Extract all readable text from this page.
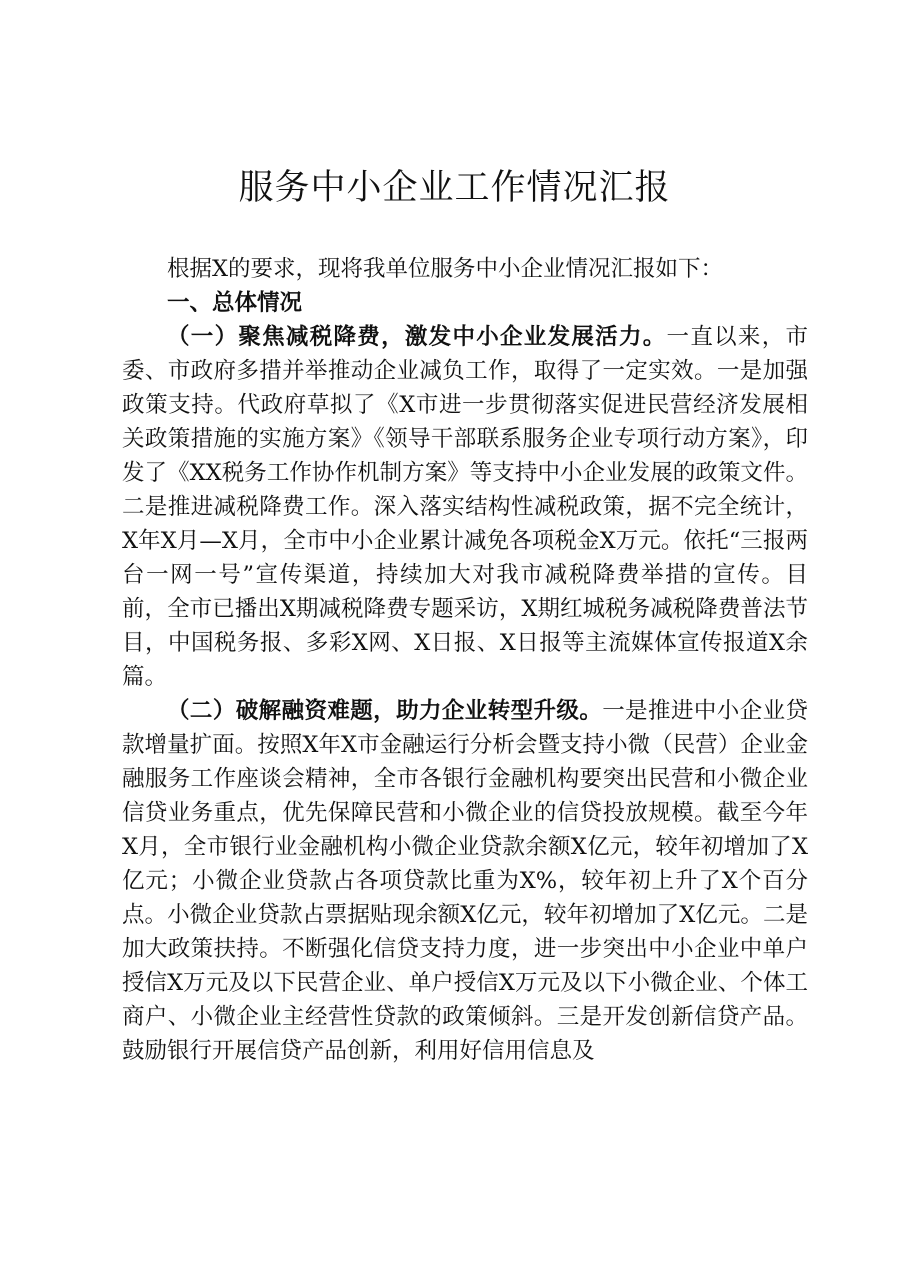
服务中小企业工作情况汇报

根据X的要求，现将我单位服务中小企业情况汇报如下：

一、总体情况

（一）聚焦减税降费，激发中小企业发展活力。一直以来，市委、市政府多措并举推动企业减负工作，取得了一定实效。一是加强政策支持。代政府草拟了《X市进一步贯彻落实促进民营经济发展相关政策措施的实施方案》《领导干部联系服务企业专项行动方案》，印发了《XX税务工作协作机制方案》等支持中小企业发展的政策文件。二是推进减税降费工作。深入落实结构性减税政策，据不完全统计，X年X月—X月，全市中小企业累计减免各项税金X万元。依托“三报两台一网一号”宣传渠道，持续加大对我市减税降费举措的宣传。目前，全市已播出X期减税降费专题采访，X期红城税务减税降费普法节目，中国税务报、多彩X网、X日报、X日报等主流媒体宣传报道X余篇。

（二）破解融资难题，助力企业转型升级。一是推进中小企业贷款增量扩面。按照X年X市金融运行分析会暨支持小微（民营）企业金融服务工作座谈会精神，全市各银行金融机构要突出民营和小微企业信贷业务重点，优先保障民营和小微企业的信贷投放规模。截至今年X月，全市银行业金融机构小微企业贷款余额X亿元，较年初增加了X亿元；小微企业贷款占各项贷款比重为X%，较年初上升了X个百分点。小微企业贷款占票据贴现余额X亿元，较年初增加了X亿元。二是加大政策扶持。不断强化信贷支持力度，进一步突出中小企业中单户授信X万元及以下民营企业、单户授信X万元及以下小微企业、个体工商户、小微企业主经营性贷款的政策倾斜。三是开发创新信贷产品。鼓励银行开展信贷产品创新，利用好信用信息及
